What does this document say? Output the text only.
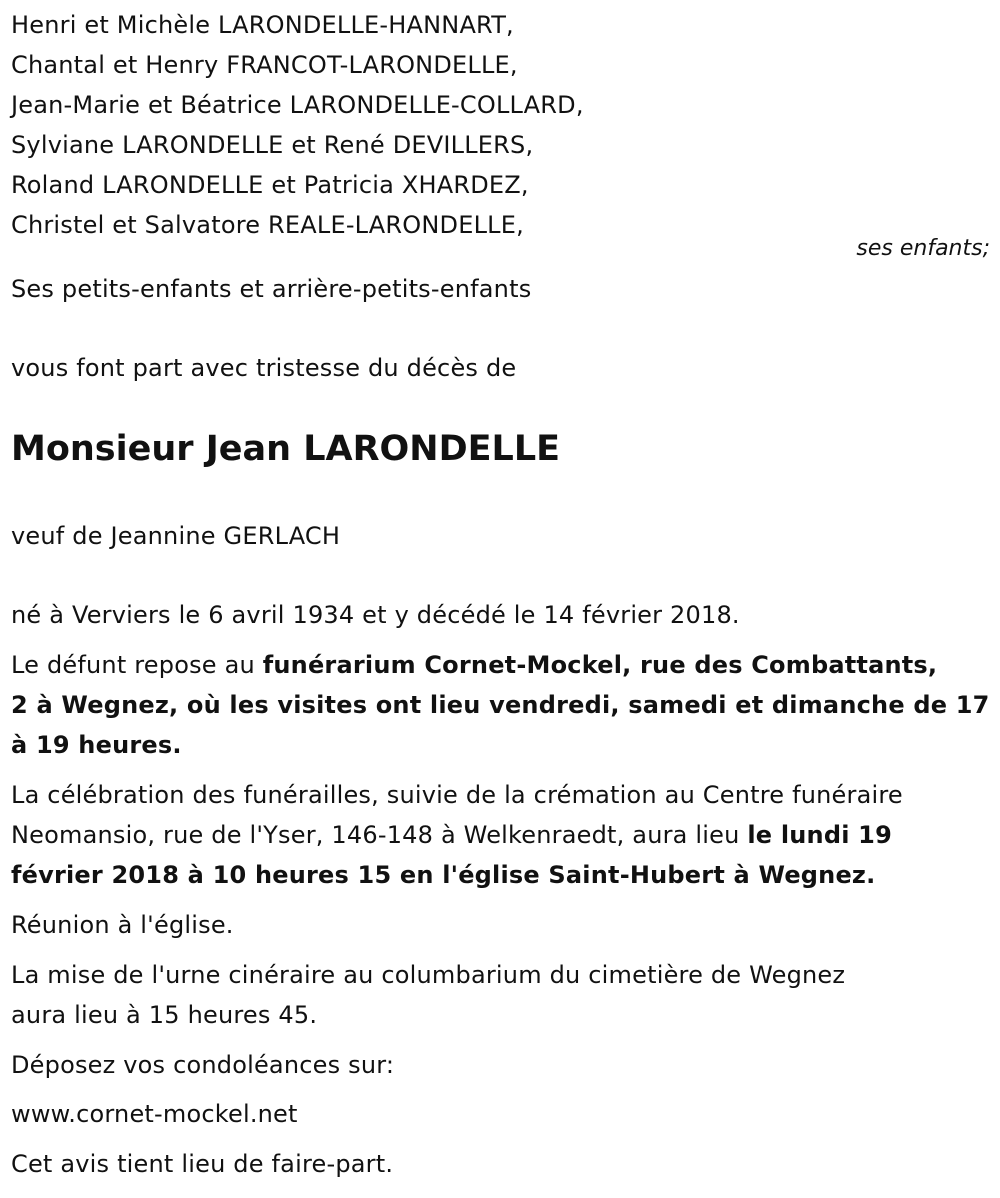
Henri et Michèle LARONDELLE-HANNART,
Chantal et Henry FRANCOT-LARONDELLE,
Jean-Marie et Béatrice LARONDELLE-COLLARD,
Sylviane LARONDELLE et René DEVILLERS,
Roland LARONDELLE et Patricia XHARDEZ,
Christel et Salvatore REALE-LARONDELLE,
ses enfants;
Ses petits-enfants et arrière-petits-enfants
vous font part avec tristesse du décès de
Monsieur Jean LARONDELLE
veuf de Jeannine GERLACH
né à Verviers le 6 avril 1934 et y décédé le 14 février 2018.
Le défunt repose au funérarium Cornet-Mockel, rue des Combattants,
2 à Wegnez, où les visites ont lieu vendredi, samedi et dimanche de 17
à 19 heures.
La célébration des funérailles, suivie de la crémation au Centre funéraire
Neomansio, rue de l'Yser, 146-148 à Welkenraedt, aura lieu le lundi 19
février 2018 à 10 heures 15 en l'église Saint-Hubert à Wegnez.
Réunion à l'église.
La mise de l'urne cinéraire au columbarium du cimetière de Wegnez
aura lieu à 15 heures 45.
Déposez vos condoléances sur:
www.cornet-mockel.net
Cet avis tient lieu de faire-part.
